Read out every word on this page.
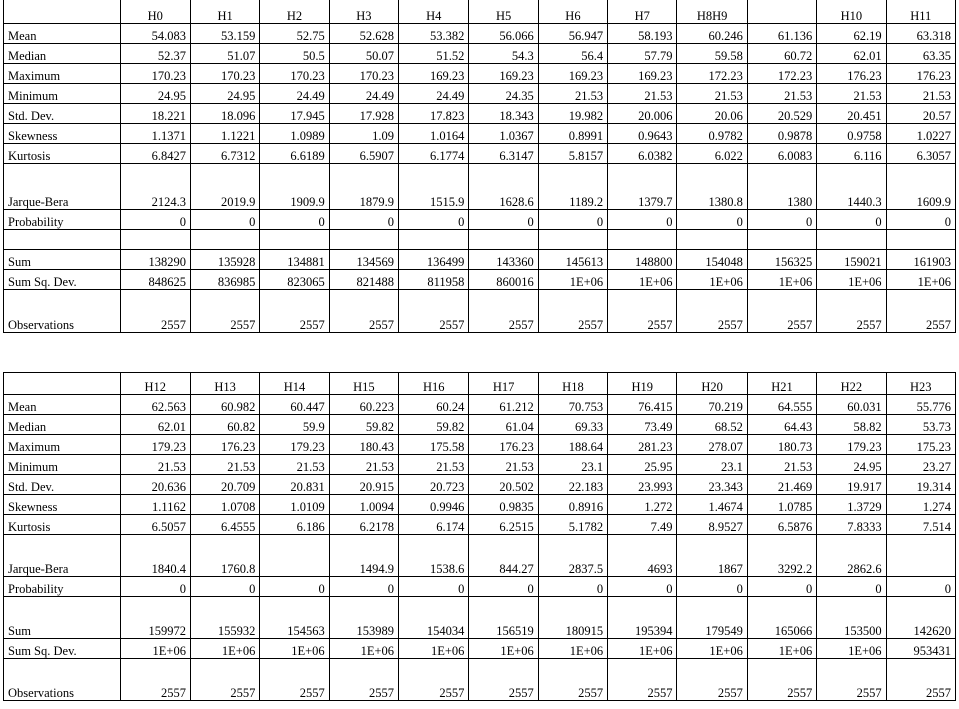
	H0	H1	H2	H3	H4	H5	H6	H7	H8H9		H10	H11
Mean	54.083	53.159	52.75	52.628	53.382	56.066	56.947	58.193	60.246	61.136	62.19	63.318
Median	52.37	51.07	50.5	50.07	51.52	54.3	56.4	57.79	59.58	60.72	62.01	63.35
Maximum	170.23	170.23	170.23	170.23	169.23	169.23	169.23	169.23	172.23	172.23	176.23	176.23
Minimum	24.95	24.95	24.49	24.49	24.49	24.35	21.53	21.53	21.53	21.53	21.53	21.53
Std. Dev.	18.221	18.096	17.945	17.928	17.823	18.343	19.982	20.006	20.06	20.529	20.451	20.57
Skewness	1.1371	1.1221	1.0989	1.09	1.0164	1.0367	0.8991	0.9643	0.9782	0.9878	0.9758	1.0227
Kurtosis	6.8427	6.7312	6.6189	6.5907	6.1774	6.3147	5.8157	6.0382	6.022	6.0083	6.116	6.3057
Jarque-Bera	2124.3	2019.9	1909.9	1879.9	1515.9	1628.6	1189.2	1379.7	1380.8	1380	1440.3	1609.9
Probability	0	0	0	0	0	0	0	0	0	0	0	0

Sum	138290	135928	134881	134569	136499	143360	145613	148800	154048	156325	159021	161903
Sum Sq. Dev.	848625	836985	823065	821488	811958	860016	1E+06	1E+06	1E+06	1E+06	1E+06	1E+06
Observations	2557	2557	2557	2557	2557	2557	2557	2557	2557	2557	2557	2557
	H12	H13	H14	H15	H16	H17	H18	H19	H20	H21	H22	H23
Mean	62.563	60.982	60.447	60.223	60.24	61.212	70.753	76.415	70.219	64.555	60.031	55.776
Median	62.01	60.82	59.9	59.82	59.82	61.04	69.33	73.49	68.52	64.43	58.82	53.73
Maximum	179.23	176.23	179.23	180.43	175.58	176.23	188.64	281.23	278.07	180.73	179.23	175.23
Minimum	21.53	21.53	21.53	21.53	21.53	21.53	23.1	25.95	23.1	21.53	24.95	23.27
Std. Dev.	20.636	20.709	20.831	20.915	20.723	20.502	22.183	23.993	23.343	21.469	19.917	19.314
Skewness	1.1162	1.0708	1.0109	1.0094	0.9946	0.9835	0.8916	1.272	1.4674	1.0785	1.3729	1.274
Kurtosis	6.5057	6.4555	6.186	6.2178	6.174	6.2515	5.1782	7.49	8.9527	6.5876	7.8333	7.514
Jarque-Bera	1840.4	1760.8		1494.9	1538.6	844.27	2837.5	4693	1867	3292.2	2862.6	
Probability	0	0	0	0	0	0	0	0	0	0	0	0
Sum	159972	155932	154563	153989	154034	156519	180915	195394	179549	165066	153500	142620
Sum Sq. Dev.	1E+06	1E+06	1E+06	1E+06	1E+06	1E+06	1E+06	1E+06	1E+06	1E+06	1E+06	953431
Observations	2557	2557	2557	2557	2557	2557	2557	2557	2557	2557	2557	2557
